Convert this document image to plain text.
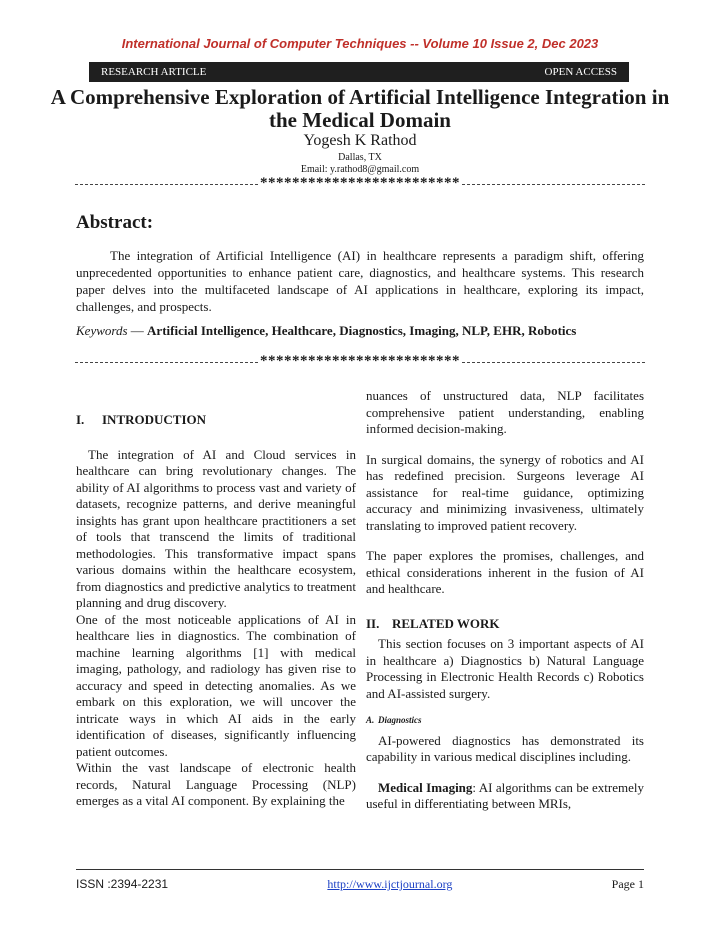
International Journal of Computer Techniques -- Volume 10 Issue 2, Dec 2023
RESEARCH ARTICLE	OPEN ACCESS
A Comprehensive Exploration of Artificial Intelligence Integration in the Medical Domain
Yogesh K Rathod
Dallas, TX
Email: y.rathod8@gmail.com
*************************
Abstract:
The integration of Artificial Intelligence (AI) in healthcare represents a paradigm shift, offering unprecedented opportunities to enhance patient care, diagnostics, and healthcare systems. This research paper delves into the multifaceted landscape of AI applications in healthcare, exploring its impact, challenges, and prospects.
Keywords — Artificial Intelligence, Healthcare, Diagnostics, Imaging, NLP, EHR, Robotics
*************************
I. INTRODUCTION

The integration of AI and Cloud services in healthcare can bring revolutionary changes. The ability of AI algorithms to process vast and variety of datasets, recognize patterns, and derive meaningful insights has grant upon healthcare practitioners a set of tools that transcend the limits of traditional methodologies. This transformative impact spans various domains within the healthcare ecosystem, from diagnostics and predictive analytics to treatment planning and drug discovery.

One of the most noticeable applications of AI in healthcare lies in diagnostics. The combination of machine learning algorithms [1] with medical imaging, pathology, and radiology has given rise to accuracy and speed in detecting anomalies. As we embark on this exploration, we will uncover the intricate ways in which AI aids in the early identification of diseases, significantly influencing patient outcomes.

Within the vast landscape of electronic health records, Natural Language Processing (NLP) emerges as a vital AI component. By explaining the

nuances of unstructured data, NLP facilitates comprehensive patient understanding, enabling informed decision-making.

In surgical domains, the synergy of robotics and AI has redefined precision. Surgeons leverage AI assistance for real-time guidance, optimizing accuracy and minimizing invasiveness, ultimately translating to improved patient recovery.

The paper explores the promises, challenges, and ethical considerations inherent in the fusion of AI and healthcare.

II. RELATED WORK

This section focuses on 3 important aspects of AI in healthcare a) Diagnostics b) Natural Language Processing in Electronic Health Records c) Robotics and AI-assisted surgery.

A. Diagnostics

AI-powered diagnostics has demonstrated its capability in various medical disciplines including.

Medical Imaging: AI algorithms can be extremely useful in differentiating between MRIs,

ISSN :2394-2231	http://www.ijctjournal.org	Page 1
